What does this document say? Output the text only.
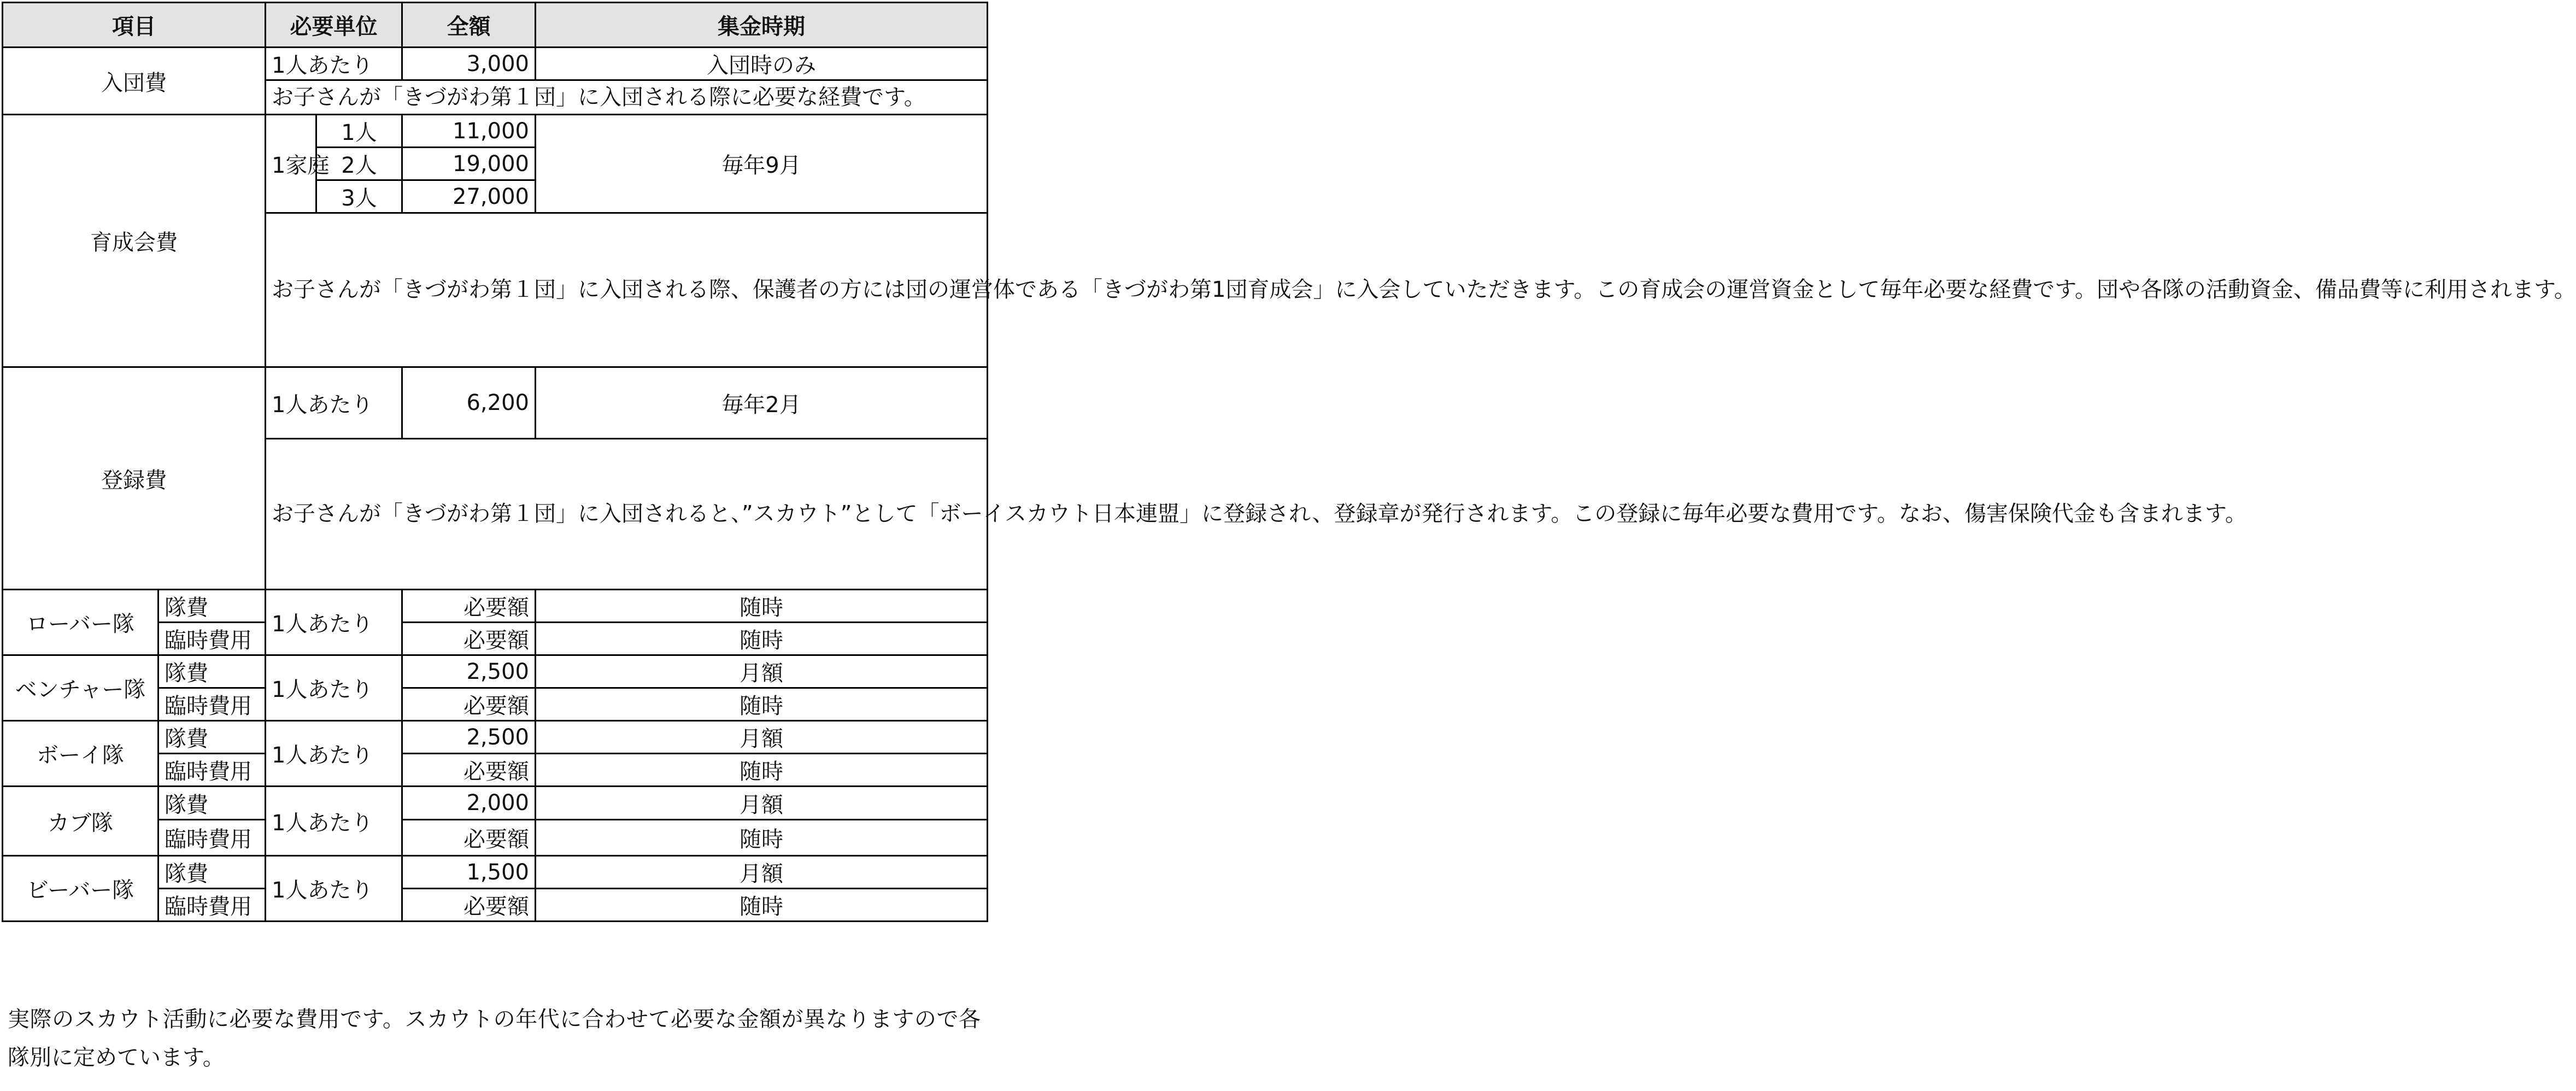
項目		必要単位		全額	集金時期	
入団費		1人あたり		3,000	入団時のみ	
		お子さんが「きづがわ第１団」に入団される際に必要な経費です。				
育成会費		1家庭	1人	11,000	毎年9月	
			2人	19,000		
			3人	27,000		
		お子さんが「きづがわ第１団」に入団される際、保護者の方には団の運営体である「きづがわ第1団育成会」に入会していただきます。この育成会の運営資金として毎年必要な経費です。団や各隊の活動資金、備品費等に利用されます。				
登録費		1人あたり		6,200	毎年2月	
		お子さんが「きづがわ第１団」に入団されると、”スカウト”として「ボーイスカウト日本連盟」に登録され、登録章が発行されます。この登録に毎年必要な費用です。なお、傷害保険代金も含まれます。				
ローバー隊	隊費	1人あたり		必要額	随時	
	臨時費用			必要額	随時	
ベンチャー隊	隊費	1人あたり		2,500	月額	
	臨時費用			必要額	随時	
ボーイ隊	隊費	1人あたり		2,500	月額	
	臨時費用			必要額	随時	
カブ隊	隊費	1人あたり		2,000	月額	
	臨時費用			必要額	随時	
ビーバー隊	隊費	1人あたり		1,500	月額	
	臨時費用			必要額	随時	

実際のスカウト活動に必要な費用です。スカウトの年代に合わせて必要な金額が異なりますので各隊別に定めています。
